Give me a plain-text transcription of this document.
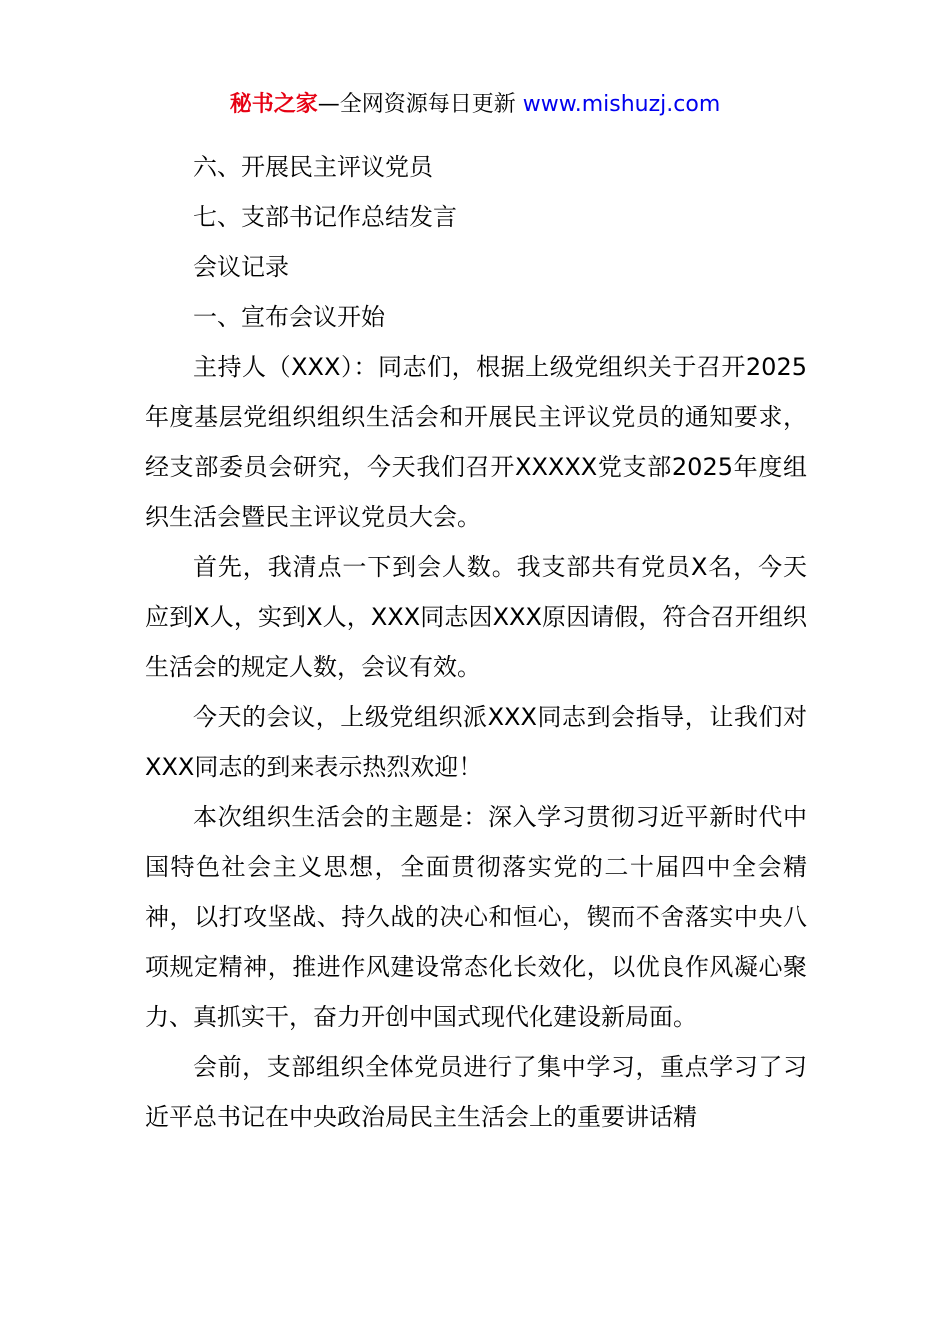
秘书之家—全网资源每日更新 www.mishuzj.com

六、开展民主评议党员

七、支部书记作总结发言

会议记录

一、宣布会议开始

主持人（XXX）：同志们，根据上级党组织关于召开2025年度基层党组织组织生活会和开展民主评议党员的通知要求，经支部委员会研究，今天我们召开XXXXX党支部2025年度组织生活会暨民主评议党员大会。

首先，我清点一下到会人数。我支部共有党员X名，今天应到X人，实到X人，XXX同志因XXX原因请假，符合召开组织生活会的规定人数，会议有效。

今天的会议，上级党组织派XXX同志到会指导，让我们对XXX同志的到来表示热烈欢迎！

本次组织生活会的主题是：深入学习贯彻习近平新时代中国特色社会主义思想，全面贯彻落实党的二十届四中全会精神，以打攻坚战、持久战的决心和恒心，锲而不舍落实中央八项规定精神，推进作风建设常态化长效化，以优良作风凝心聚力、真抓实干，奋力开创中国式现代化建设新局面。

会前，支部组织全体党员进行了集中学习，重点学习了习近平总书记在中央政治局民主生活会上的重要讲话精
